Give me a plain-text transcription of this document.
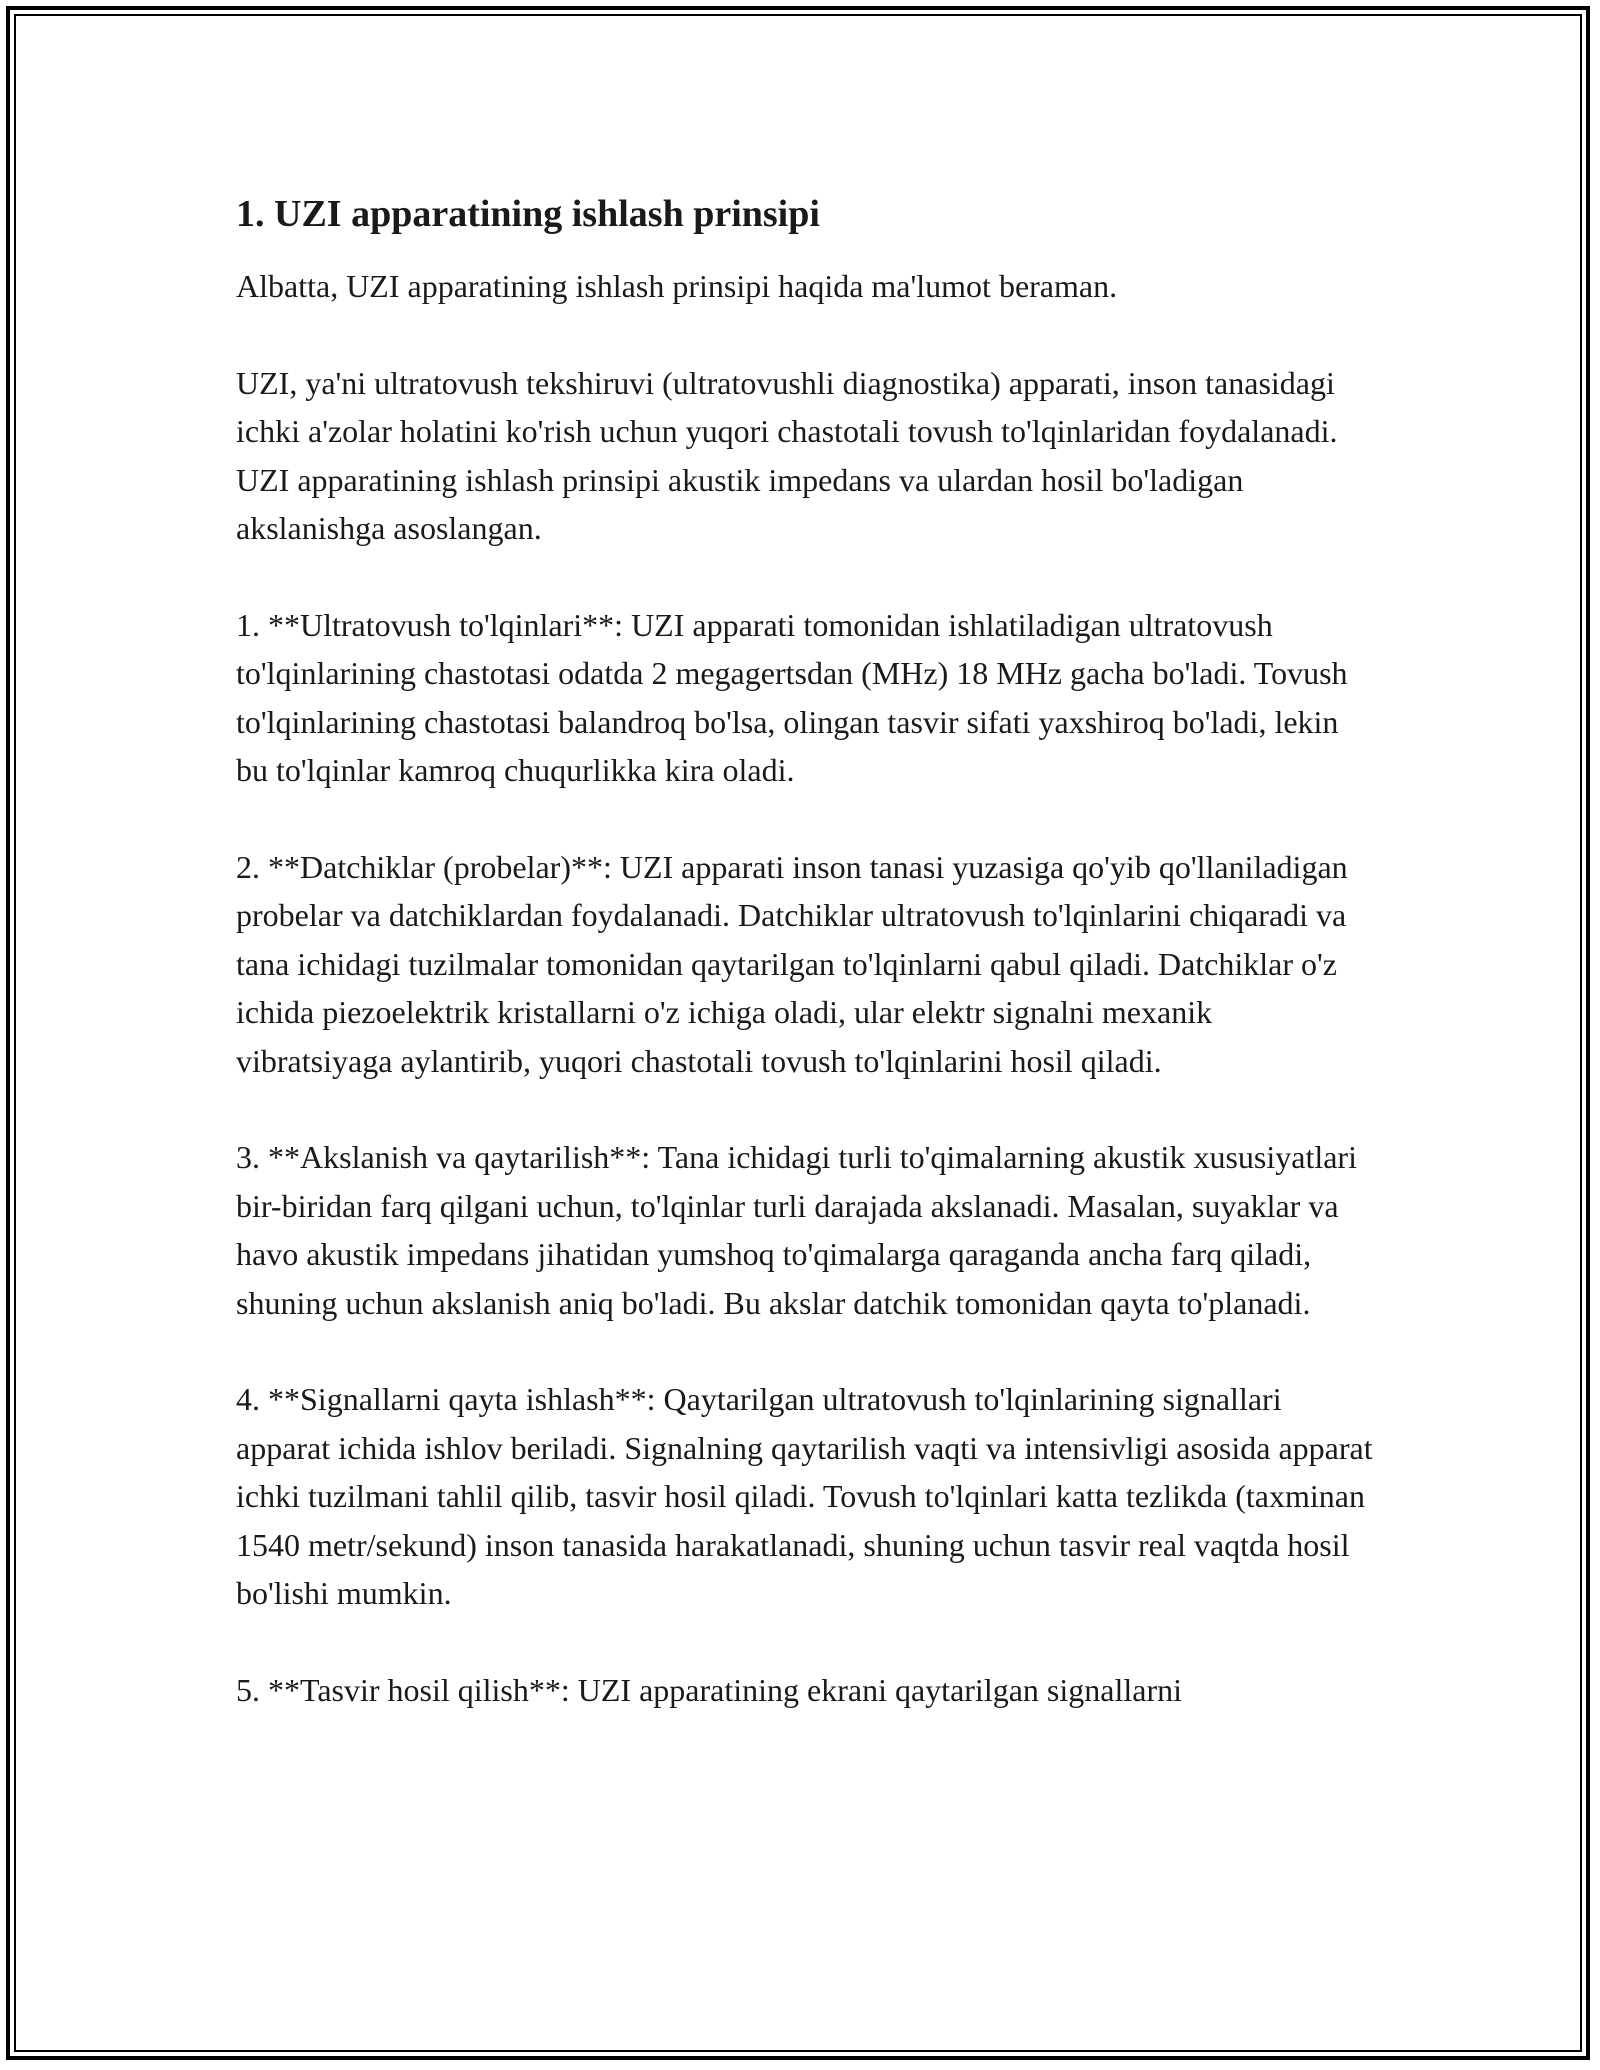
1. UZI apparatining ishlash prinsipi

Albatta, UZI apparatining ishlash prinsipi haqida ma'lumot beraman.

UZI, ya'ni ultratovush tekshiruvi (ultratovushli diagnostika) apparati, inson tanasidagi ichki a'zolar holatini ko'rish uchun yuqori chastotali tovush to'lqinlaridan foydalanadi. UZI apparatining ishlash prinsipi akustik impedans va ulardan hosil bo'ladigan akslanishga asoslangan.

1. **Ultratovush to'lqinlari**: UZI apparati tomonidan ishlatiladigan ultratovush to'lqinlarining chastotasi odatda 2 megagertsdan (MHz) 18 MHz gacha bo'ladi. Tovush to'lqinlarining chastotasi balandroq bo'lsa, olingan tasvir sifati yaxshiroq bo'ladi, lekin bu to'lqinlar kamroq chuqurlikka kira oladi.

2. **Datchiklar (probelar)**: UZI apparati inson tanasi yuzasiga qo'yib qo'llaniladigan probelar va datchiklardan foydalanadi. Datchiklar ultratovush to'lqinlarini chiqaradi va tana ichidagi tuzilmalar tomonidan qaytarilgan to'lqinlarni qabul qiladi. Datchiklar o'z ichida piezoelektrik kristallarni o'z ichiga oladi, ular elektr signalni mexanik vibratsiyaga aylantirib, yuqori chastotali tovush to'lqinlarini hosil qiladi.

3. **Akslanish va qaytarilish**: Tana ichidagi turli to'qimalarning akustik xususiyatlari bir-biridan farq qilgani uchun, to'lqinlar turli darajada akslanadi. Masalan, suyaklar va havo akustik impedans jihatidan yumshoq to'qimalarga qaraganda ancha farq qiladi, shuning uchun akslanish aniq bo'ladi. Bu akslar datchik tomonidan qayta to'planadi.

4. **Signallarni qayta ishlash**: Qaytarilgan ultratovush to'lqinlarining signallari apparat ichida ishlov beriladi. Signalning qaytarilish vaqti va intensivligi asosida apparat ichki tuzilmani tahlil qilib, tasvir hosil qiladi. Tovush to'lqinlari katta tezlikda (taxminan 1540 metr/sekund) inson tanasida harakatlanadi, shuning uchun tasvir real vaqtda hosil bo'lishi mumkin.

5. **Tasvir hosil qilish**: UZI apparatining ekrani qaytarilgan signallarni
